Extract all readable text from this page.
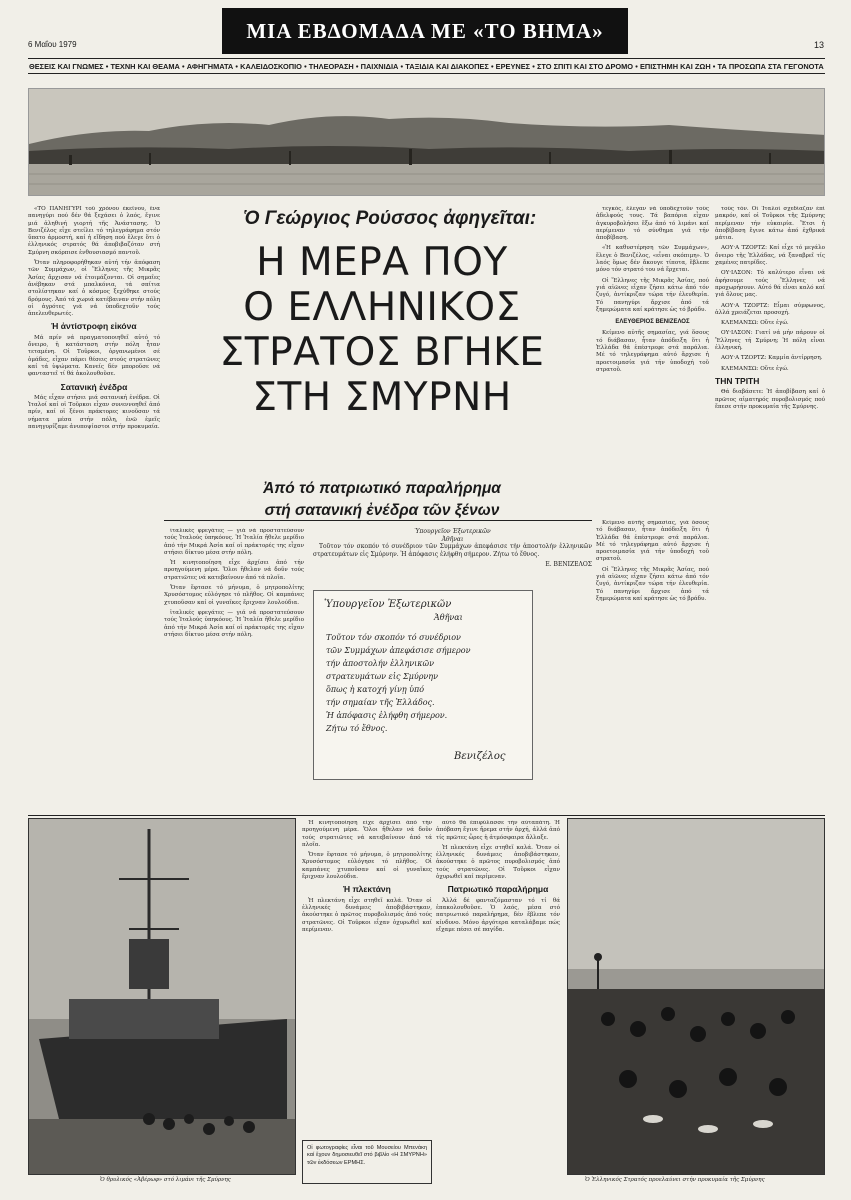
ΜΙΑ ΕΒΔΟΜΑΔΑ ΜΕ «ΤΟ ΒΗΜΑ»
6 Μαΐου 1979	13
ΘΕΣΕΙΣ ΚΑΙ ΓΝΩΜΕΣ • ΤΕΧΝΗ ΚΑΙ ΘΕΑΜΑ • ΑΦΗΓΗΜΑΤΑ • ΚΑΛΕΙΔΟΣΚΟΠΙΟ • ΤΗΛΕΟΡΑΣΗ • ΠΑΙΧΝΙΔΙΑ • ΤΑΞΙΔΙΑ ΚΑΙ ΔΙΑΚΟΠΕΣ • ΕΡΕΥΝΕΣ • ΣΤΟ ΣΠΙΤΙ ΚΑΙ ΣΤΟ ΔΡΟΜΟ • ΕΠΙΣΤΗΜΗ ΚΑΙ ΖΩΗ • ΤΑ ΠΡΟΣΩΠΑ ΣΤΑ ΓΕΓΟΝΟΤΑ

«ΤΟ ΠΑΝΗΓΥΡΙ τοῦ χρόνου ἐκεῖνου, ἕνα πανηγύρι πού δέν θά ξεχάσει ὁ λαός, ἔγινε μιά ἀληθινή γιορτή τῆς Ἀνάστασης. Ὁ Βενιζέλος εἶχε στείλει τό τηλεγράφημα στόν ὕπατο ἁρμοστή, καί ἡ εἴδηση πού ἔλεγε ὅτι ὁ ἑλληνικός στρατός θά ἀποβιβαζόταν στή Σμύρνη σκόρπισε ἐνθουσιασμό παντοῦ.

Ὅταν πληροφορήθηκαν αὐτή τήν ἀπόφαση τῶν Συμμάχων, οἱ Ἕλληνες τῆς Μικρᾶς Ἀσίας ἄρχισαν νά ἑτοιμάζονται. Οἱ σημαῖες ἀνέβηκαν στά μπαλκόνια, τά σπίτια στολίστηκαν καί ὁ κόσμος ξεχύθηκε στούς δρόμους. Ἀπό τά χωριά κατέβαιναν στήν πόλη οἱ ἀγρότες γιά νά ὑποδεχτοῦν τούς ἀπελευθερωτές.

Ἡ ἀντίστροφη εἰκόνα

Μά πρίν νά πραγματοποιηθεῖ αὐτό τό ὄνειρο, ἡ κατάσταση στήν πόλη ἦταν τεταμένη. Οἱ Τοῦρκοι, ὀργανωμένοι σέ ὁμάδες, εἶχαν πάρει θέσεις στούς στρατῶνες καί τά ὑψώματα. Κανείς δέν μποροῦσε νά φανταστεῖ τί θά ἀκολουθοῦσε.

Σατανική ἐνέδρα

Μάς εἶχαν στήσει μιά σατανική ἐνέδρα. Οἱ Ἰταλοί καί οἱ Τοῦρκοι εἶχαν συνεννοηθεῖ ἀπό πρίν, καί οἱ ξένοι πράκτορες κινοῦσαν τά νήματα μέσα στήν πόλη, ἐνῶ ἐμεῖς πανηγυρίζαμε ἀνυποψίαστοι στήν προκυμαία.

Ὁ Γεώργιος Ρούσσος ἀφηγεῖται:
Η ΜΕΡΑ ΠΟΥ
Ο ΕΛΛΗΝΙΚΟΣ
ΣΤΡΑΤΟΣ ΒΓΗΚΕ
ΣΤΗ ΣΜΥΡΝΗ
Ἀπό τό πατριωτικό παραλήρημα
στή σατανική ἐνέδρα τῶν ξένων

τεγκός, ἔλεγαν νά ὑποδεχτοῦν τούς ἀδελφούς τους. Τά βαπόρια εἶχαν ἀγκυροβολήσει ἔξω ἀπό τό λιμάνι καί περίμεναν τό σύνθημα γιά τήν ἀποβίβαση.

«Ἡ καθυστέρηση τῶν Συμμάχων», ἔλεγε ὁ Βενιζέλος, «εἶναι σκόπιμη». Ὁ λαός ὅμως δέν ἄκουγε τίποτα, ἔβλεπε μόνο τόν στρατό του νά ἔρχεται.

Οἱ Ἕλληνες τῆς Μικρᾶς Ἀσίας, πού γιά αἰῶνες εἶχαν ζήσει κάτω ἀπό τόν ζυγό, ἀντίκριζαν τώρα τήν ἐλευθερία. Τό πανηγύρι ἄρχισε ἀπό τά ξημερώματα καί κράτησε ὡς τό βράδυ.

ΕΛΕΥΘΕΡΙΟΣ ΒΕΝΙΖΕΛΟΣ

Κείμενο αὐτῆς σημασίας, γιά ὅσους τό διάβασαν, ἦταν ἀπόδειξη ὅτι ἡ Ἑλλάδα θά ἐπέστρεφε στά παράλια. Μέ τό τηλεγράφημα αὐτό ἄρχισε ἡ προετοιμασία γιά τήν ὑποδοχή τοῦ στρατοῦ.

Κείμενο αὐτῆς σημασίας, γιά ὅσους τό διάβασαν, ἦταν ἀπόδειξη ὅτι ἡ Ἑλλάδα θά ἐπέστρεφε στά παράλια. Μέ τό τηλεγράφημα αὐτό ἄρχισε ἡ προετοιμασία γιά τήν ὑποδοχή τοῦ στρατοῦ.

Οἱ Ἕλληνες τῆς Μικρᾶς Ἀσίας, πού γιά αἰῶνες εἶχαν ζήσει κάτω ἀπό τόν ζυγό, ἀντίκριζαν τώρα τήν ἐλευθερία. Τό πανηγύρι ἄρχισε ἀπό τά ξημερώματα καί κράτησε ὡς τό βράδυ.

τούς τόν. Οἱ Ἰταλοί σχεδίαζαν ἐπί μακρόν, καί οἱ Τοῦρκοι τῆς Σμύρνης περίμεναν τήν εὐκαιρία. Ἔτσι ἡ ἀποβίβαση ἔγινε κάτω ἀπό ἐχθρικά μάτια.

ΑΟΥ·Α ΤΖΟΡΤΖ: Καί εἶχε τό μεγάλο ὄνειρο τῆς Ἑλλάδας, νά ξαναβρεῖ τίς χαμένες πατρίδες.

ΟΥ·ΙΛΣΟΝ: Τό καλύτερο εἶναι νά ἀφήσουμε τούς Ἕλληνες νά προχωρήσουν. Αὐτό θά εἶναι καλό καί γιά ὅλους μας.

ΑΟΥ·Α ΤΖΟΡΤΖ: Εἶμαι σύμφωνος, ἀλλά χρειάζεται προσοχή.

ΚΛΕΜΑΝΣΩ: Οὔτε ἐγώ.

ΟΥ·ΙΛΣΟΝ: Γιατί νά μήν πάρουν οἱ Ἕλληνες τή Σμύρνη; Ἡ πόλη εἶναι ἑλληνική.

ΑΟΥ·Α ΤΖΟΡΤΖ: Καμμία ἀντίρρηση.

ΚΛΕΜΑΝΣΩ: Οὔτε ἐγώ.

ΤΗΝ ΤΡΙΤΗ

Θά διαβάσετε: Ἡ ἀποβίβαση καί ὁ πρῶτος αἱματηρός πυροβολισμός πού ἔπεσε στήν προκυμαία τῆς Σμύρνης.

ἰταλικές φρεγάτες — γιά νά προστατεύσουν τούς Ἰταλούς ὑπηκόους. Ἡ Ἰταλία ἤθελε μερίδιο ἀπό τήν Μικρά Ἀσία καί οἱ πράκτορές της εἶχαν στήσει δίκτυο μέσα στήν πόλη.

Ἡ κινητοποίηση εἶχε ἀρχίσει ἀπό τήν προηγούμενη μέρα. Ὅλοι ἤθελαν νά δοῦν τούς στρατιῶτες νά κατεβαίνουν ἀπό τά πλοῖα.

Ὅταν ἔφτασε τό μήνυμα, ὁ μητροπολίτης Χρυσόστομος εὐλόγησε τό πλῆθος. Οἱ καμπάνες χτυποῦσαν καί οἱ γυναῖκες ἔριχναν λουλούδια.

ἰταλικές φρεγάτες — γιά νά προστατεύσουν τούς Ἰταλούς ὑπηκόους. Ἡ Ἰταλία ἤθελε μερίδιο ἀπό τήν Μικρά Ἀσία καί οἱ πράκτορές της εἶχαν στήσει δίκτυο μέσα στήν πόλη.

Ὑπουργεῖον Ἐξωτερικῶν
Ἀθῆναι

Τοῦτον τόν σκοπόν τό συνέδριον τῶν Συμμάχων ἀπεφάσισε τήν ἀποστολήν ἑλληνικῶν στρατευμάτων εἰς Σμύρνην. Ἡ ἀπόφασις ἐλήφθη σήμερον. Ζήτω τό ἔθνος.

Ε. ΒΕΝΙΖΕΛΟΣ
Ὑπουργεῖον Ἐξωτερικῶν
Ἀθῆναι
Τοῦτον τόν σκοπόν τό συνέδριον
τῶν Συμμάχων ἀπεφάσισε σήμερον
τήν ἀποστολήν ἑλληνικῶν
στρατευμάτων εἰς Σμύρνην
ὅπως ἡ κατοχή γίνῃ ὑπό
τήν σημαίαν τῆς Ἑλλάδος.
Ἡ ἀπόφασις ἐλήφθη σήμερον.
Ζήτω τό ἔθνος.
Βενιζέλος
Ὁ θρυλικός «Ἀβέρωφ» στό λιμάνι τῆς Σμύρνης

Ἡ κινητοποίηση εἶχε ἀρχίσει ἀπό τήν προηγούμενη μέρα. Ὅλοι ἤθελαν νά δοῦν τούς στρατιῶτες νά κατεβαίνουν ἀπό τά πλοῖα.

Ὅταν ἔφτασε τό μήνυμα, ὁ μητροπολίτης Χρυσόστομος εὐλόγησε τό πλῆθος. Οἱ καμπάνες χτυποῦσαν καί οἱ γυναῖκες ἔριχναν λουλούδια.

Ἡ πλεκτάνη

Ἡ πλεκτάνη εἶχε στηθεῖ καλά. Ὅταν οἱ ἑλληνικές δυνάμεις ἀποβιβάστηκαν, ἀκούστηκε ὁ πρῶτος πυροβολισμός ἀπό τούς στρατῶνες. Οἱ Τοῦρκοι εἶχαν ὀχυρωθεῖ καί περίμεναν.

Οἱ φωτογραφίες εἶναι τοῦ Μουσείου Μπενάκη καί ἔχουν δημοσιευθεῖ στό βιβλίο «Η ΣΜΥΡΝΗ» τῶν ἐκδόσεων ΕΡΜΗΣ.

αὐτό θά ἐπιφύλασσε τήν αὐταπάτη. Ἡ ἀπόβαση ἔγινε ἤρεμα στήν ἀρχή, ἀλλά ἀπό τίς πρῶτες ὧρες ἡ ἀτμόσφαιρα ἄλλαξε.

Ἡ πλεκτάνη εἶχε στηθεῖ καλά. Ὅταν οἱ ἑλληνικές δυνάμεις ἀποβιβάστηκαν, ἀκούστηκε ὁ πρῶτος πυροβολισμός ἀπό τούς στρατῶνες. Οἱ Τοῦρκοι εἶχαν ὀχυρωθεῖ καί περίμεναν.

Πατριωτικό παραλήρημα

Ἀλλά δέ φανταζόμασταν τό τί θά ἐπακολουθοῦσε. Ὁ λαός, μέσα στό πατριωτικό παραλήρημα, δέν ἔβλεπε τόν κίνδυνο. Μόνο ἀργότερα καταλάβαμε πώς εἴχαμε πέσει σέ παγίδα.

Ὁ Ἑλληνικός Στρατός προελαύνει στήν προκυμαία τῆς Σμύρνης
